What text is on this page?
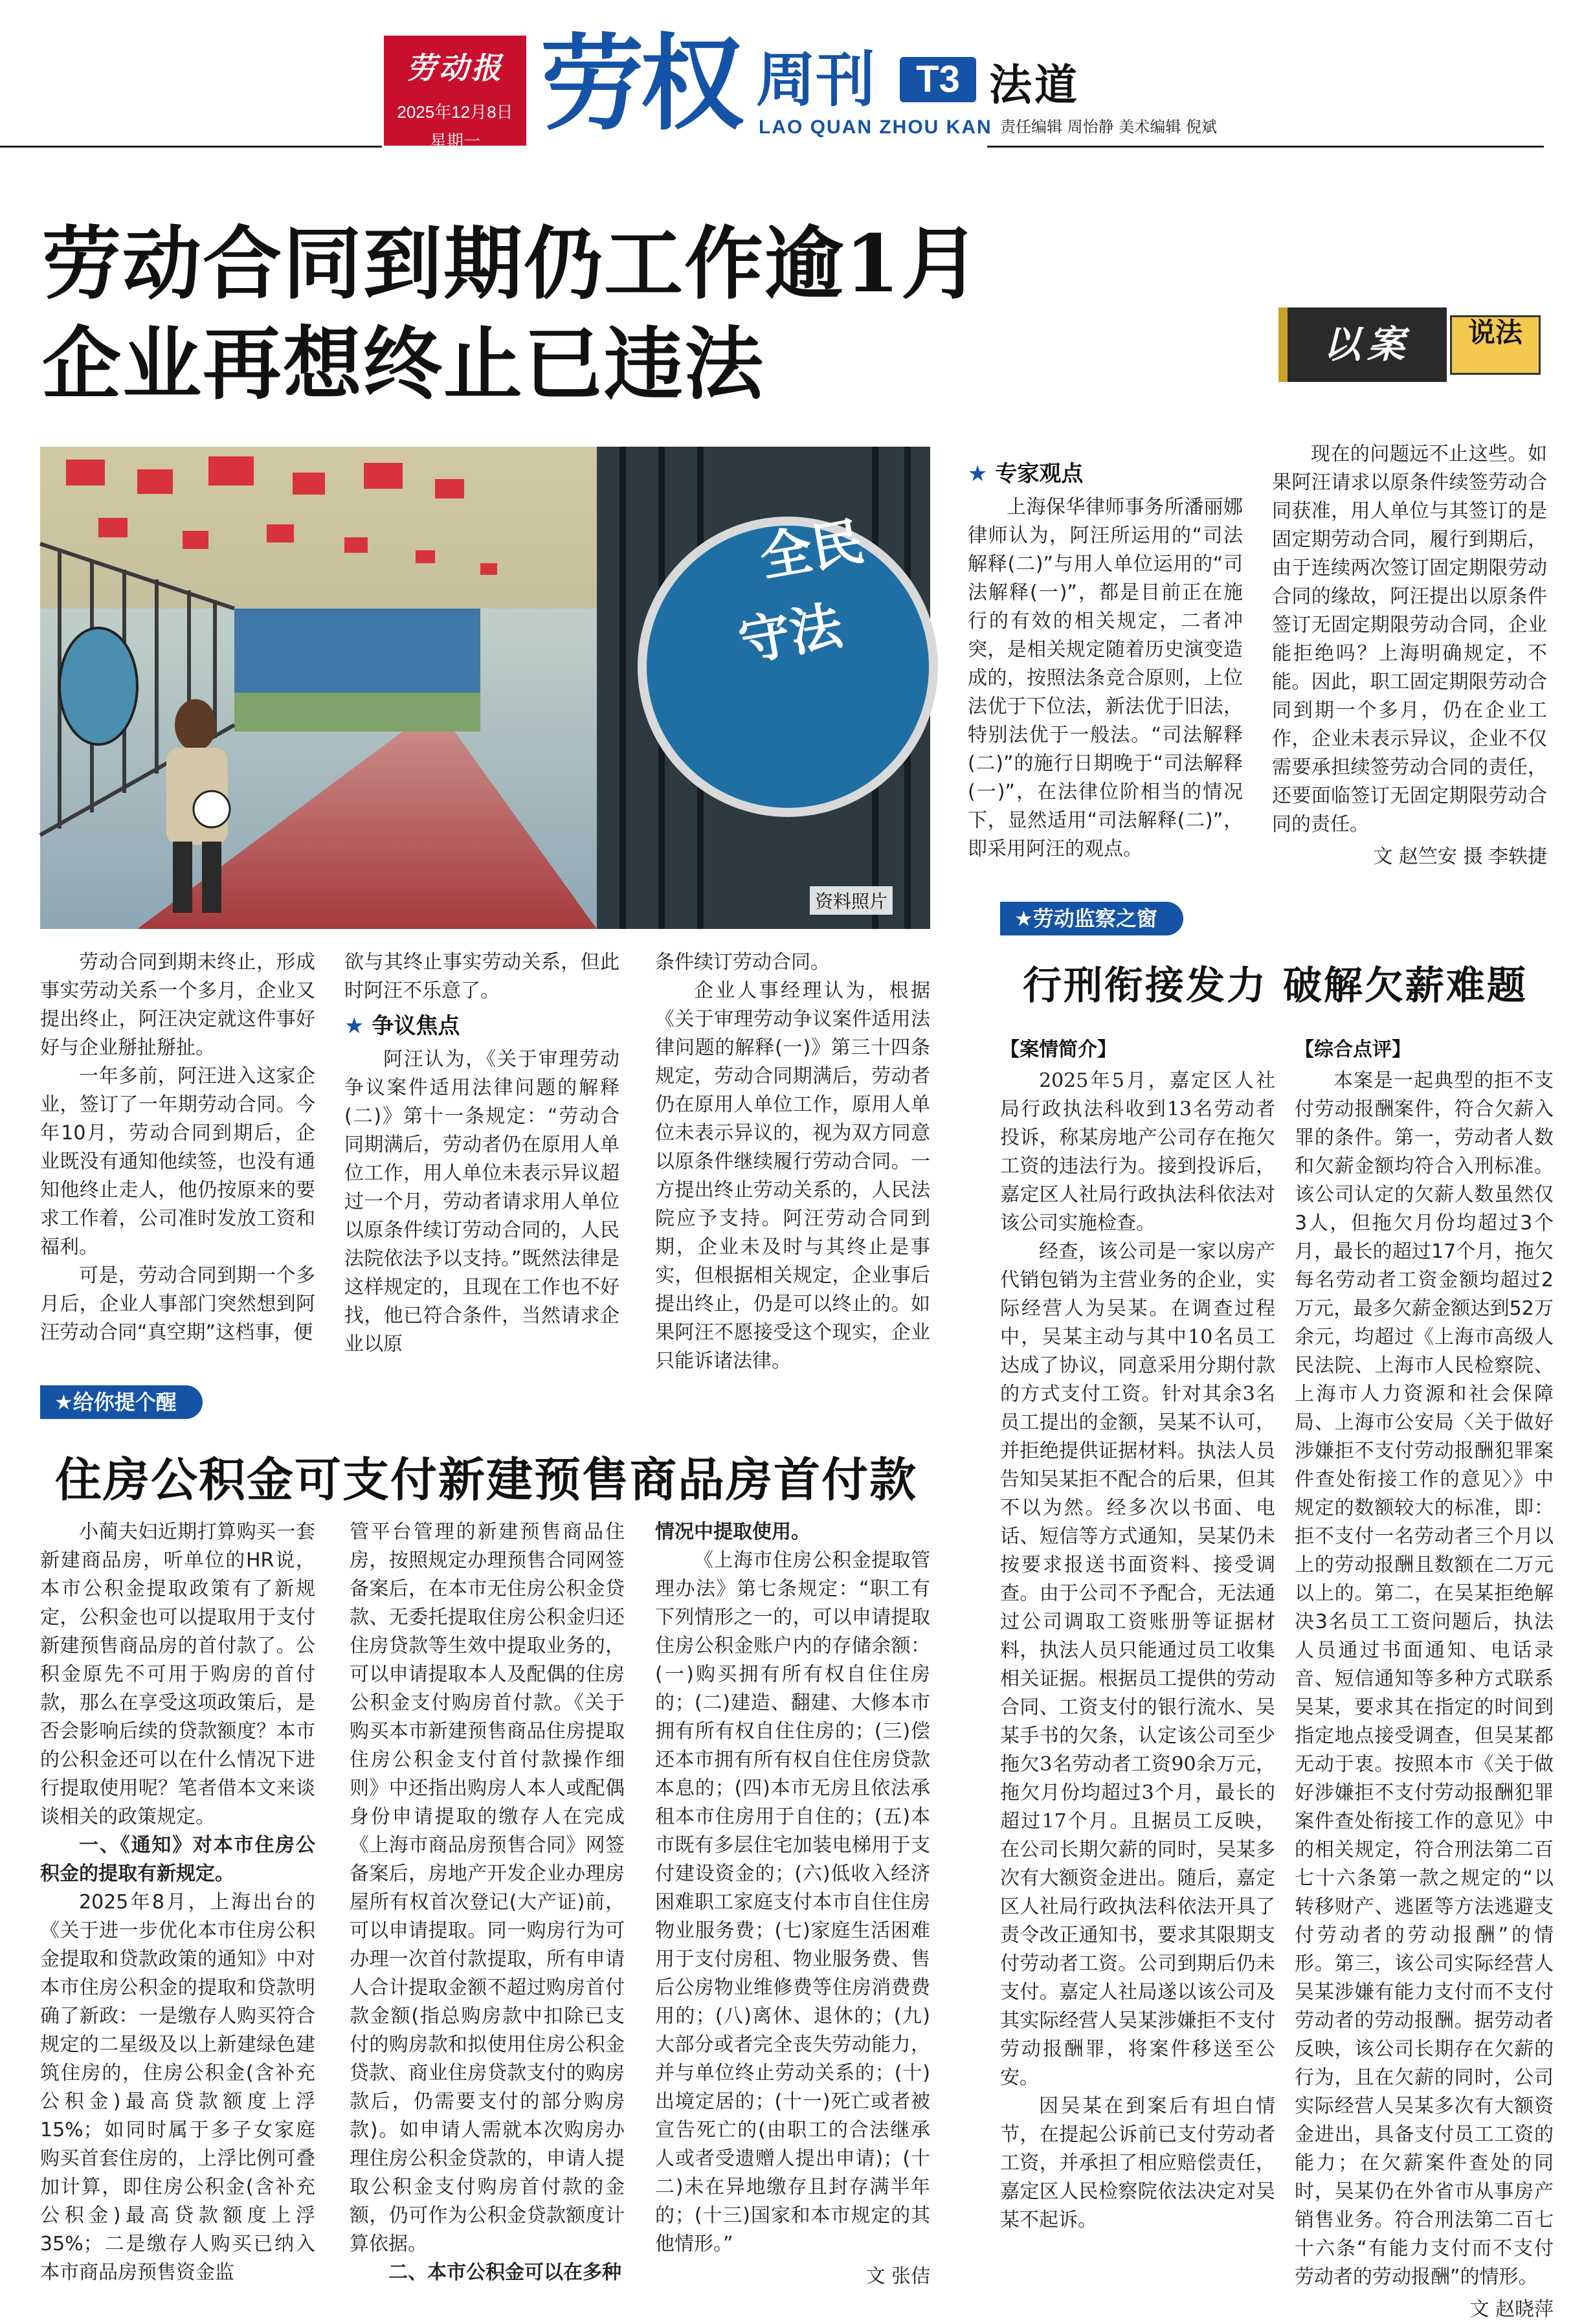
劳动报
2025年12月8日
星期一 劳权 周刊	T3
LAO QUAN ZHOU KAN
法道
责任编辑 周怡静 美术编辑 倪斌
劳动合同到期仍工作逾1月
企业再想终止已违法	以案	说法
全民
守法
资料照片

劳动合同到期未终止，形成事实劳动关系一个多月，企业又提出终止，阿汪决定就这件事好好与企业掰扯掰扯。

一年多前，阿汪进入这家企业，签订了一年期劳动合同。今年10月，劳动合同到期后，企业既没有通知他续签，也没有通知他终止走人，他仍按原来的要求工作着，公司准时发放工资和福利。

可是，劳动合同到期一个多月后，企业人事部门突然想到阿汪劳动合同“真空期”这档事，便

欲与其终止事实劳动关系，但此时阿汪不乐意了。

★ 争议焦点

阿汪认为，《关于审理劳动争议案件适用法律问题的解释(二)》第十一条规定：“劳动合同期满后，劳动者仍在原用人单位工作，用人单位未表示异议超过一个月，劳动者请求用人单位以原条件续订劳动合同的，人民法院依法予以支持。”既然法律是这样规定的，且现在工作也不好找，他已符合条件，当然请求企业以原

条件续订劳动合同。

企业人事经理认为，根据《关于审理劳动争议案件适用法律问题的解释(一)》第三十四条规定，劳动合同期满后，劳动者仍在原用人单位工作，原用人单位未表示异议的，视为双方同意以原条件继续履行劳动合同。一方提出终止劳动关系的，人民法院应予支持。阿汪劳动合同到期，企业未及时与其终止是事实，但根据相关规定，企业事后提出终止，仍是可以终止的。如果阿汪不愿接受这个现实，企业只能诉诸法律。

★ 专家观点

上海保华律师事务所潘丽娜律师认为，阿汪所运用的“司法解释(二)”与用人单位运用的“司法解释(一)”，都是目前正在施行的有效的相关规定，二者冲突，是相关规定随着历史演变造成的，按照法条竞合原则，上位法优于下位法，新法优于旧法，特别法优于一般法。“司法解释(二)”的施行日期晚于“司法解释(一)”，在法律位阶相当的情况下，显然适用“司法解释(二)”，即采用阿汪的观点。

现在的问题远不止这些。如果阿汪请求以原条件续签劳动合同获准，用人单位与其签订的是固定期劳动合同，履行到期后，由于连续两次签订固定期限劳动合同的缘故，阿汪提出以原条件签订无固定期限劳动合同，企业能拒绝吗？上海明确规定，不能。因此，职工固定期限劳动合同到期一个多月，仍在企业工作，企业未表示异议，企业不仅需要承担续签劳动合同的责任，还要面临签订无固定期限劳动合同的责任。

文 赵竺安 摄 李轶捷

★给你提个醒
住房公积金可支付新建预售商品房首付款

小蔺夫妇近期打算购买一套新建商品房，听单位的HR说，本市公积金提取政策有了新规定，公积金也可以提取用于支付新建预售商品房的首付款了。公积金原先不可用于购房的首付款，那么在享受这项政策后，是否会影响后续的贷款额度？本市的公积金还可以在什么情况下进行提取使用呢？笔者借本文来谈谈相关的政策规定。

一、《通知》对本市住房公积金的提取有新规定。

2025年8月，上海出台的《关于进一步优化本市住房公积金提取和贷款政策的通知》中对本市住房公积金的提取和贷款明确了新政：一是缴存人购买符合规定的二星级及以上新建绿色建筑住房的，住房公积金(含补充公积金)最高贷款额度上浮15%；如同时属于多子女家庭购买首套住房的，上浮比例可叠加计算，即住房公积金(含补充公积金)最高贷款额度上浮35%；二是缴存人购买已纳入本市商品房预售资金监

管平台管理的新建预售商品住房，按照规定办理预售合同网签备案后，在本市无住房公积金贷款、无委托提取住房公积金归还住房贷款等生效中提取业务的，可以申请提取本人及配偶的住房公积金支付购房首付款。《关于购买本市新建预售商品住房提取住房公积金支付首付款操作细则》中还指出购房人本人或配偶身份申请提取的缴存人在完成《上海市商品房预售合同》网签备案后，房地产开发企业办理房屋所有权首次登记(大产证)前，可以申请提取。同一购房行为可办理一次首付款提取，所有申请人合计提取金额不超过购房首付款金额(指总购房款中扣除已支付的购房款和拟使用住房公积金贷款、商业住房贷款支付的购房款后，仍需要支付的部分购房款)。如申请人需就本次购房办理住房公积金贷款的，申请人提取公积金支付购房首付款的金额，仍可作为公积金贷款额度计算依据。

二、本市公积金可以在多种

情况中提取使用。

《上海市住房公积金提取管理办法》第七条规定：“职工有下列情形之一的，可以申请提取住房公积金账户内的存储余额：(一)购买拥有所有权自住住房的；(二)建造、翻建、大修本市拥有所有权自住住房的；(三)偿还本市拥有所有权自住住房贷款本息的；(四)本市无房且依法承租本市住房用于自住的；(五)本市既有多层住宅加装电梯用于支付建设资金的；(六)低收入经济困难职工家庭支付本市自住住房物业服务费；(七)家庭生活困难用于支付房租、物业服务费、售后公房物业维修费等住房消费费用的；(八)离休、退休的；(九)大部分或者完全丧失劳动能力，并与单位终止劳动关系的；(十)出境定居的；(十一)死亡或者被宣告死亡的(由职工的合法继承人或者受遗赠人提出申请)；(十二)未在异地缴存且封存满半年的；(十三)国家和本市规定的其他情形。”

文 张佶

★劳动监察之窗
行刑衔接发力 破解欠薪难题
【案情简介】

2025年5月，嘉定区人社局行政执法科收到13名劳动者投诉，称某房地产公司存在拖欠工资的违法行为。接到投诉后，嘉定区人社局行政执法科依法对该公司实施检查。

经查，该公司是一家以房产代销包销为主营业务的企业，实际经营人为吴某。在调查过程中，吴某主动与其中10名员工达成了协议，同意采用分期付款的方式支付工资。针对其余3名员工提出的金额，吴某不认可，并拒绝提供证据材料。执法人员告知吴某拒不配合的后果，但其不以为然。经多次以书面、电话、短信等方式通知，吴某仍未按要求报送书面资料、接受调查。由于公司不予配合，无法通过公司调取工资账册等证据材料，执法人员只能通过员工收集相关证据。根据员工提供的劳动合同、工资支付的银行流水、吴某手书的欠条，认定该公司至少拖欠3名劳动者工资90余万元，拖欠月份均超过3个月，最长的超过17个月。且据员工反映，在公司长期欠薪的同时，吴某多次有大额资金进出。随后，嘉定区人社局行政执法科依法开具了责令改正通知书，要求其限期支付劳动者工资。公司到期后仍未支付。嘉定人社局遂以该公司及其实际经营人吴某涉嫌拒不支付劳动报酬罪，将案件移送至公安。

因吴某在到案后有坦白情节，在提起公诉前已支付劳动者工资，并承担了相应赔偿责任，嘉定区人民检察院依法决定对吴某不起诉。

【综合点评】

本案是一起典型的拒不支付劳动报酬案件，符合欠薪入罪的条件。第一，劳动者人数和欠薪金额均符合入刑标准。该公司认定的欠薪人数虽然仅3人，但拖欠月份均超过3个月，最长的超过17个月，拖欠每名劳动者工资金额均超过2万元，最多欠薪金额达到52万余元，均超过《上海市高级人民法院、上海市人民检察院、上海市人力资源和社会保障局、上海市公安局〈关于做好涉嫌拒不支付劳动报酬犯罪案件查处衔接工作的意见〉》中规定的数额较大的标准，即：拒不支付一名劳动者三个月以上的劳动报酬且数额在二万元以上的。第二，在吴某拒绝解决3名员工工资问题后，执法人员通过书面通知、电话录音、短信通知等多种方式联系吴某，要求其在指定的时间到指定地点接受调查，但吴某都无动于衷。按照本市《关于做好涉嫌拒不支付劳动报酬犯罪案件查处衔接工作的意见》中的相关规定，符合刑法第二百七十六条第一款之规定的“以转移财产、逃匿等方法逃避支付劳动者的劳动报酬”的情形。第三，该公司实际经营人吴某涉嫌有能力支付而不支付劳动者的劳动报酬。据劳动者反映，该公司长期存在欠薪的行为，且在欠薪的同时，公司实际经营人吴某多次有大额资金进出，具备支付员工工资的能力；在欠薪案件查处的同时，吴某仍在外省市从事房产销售业务。符合刑法第二百七十六条“有能力支付而不支付劳动者的劳动报酬”的情形。

文 赵晓萍
